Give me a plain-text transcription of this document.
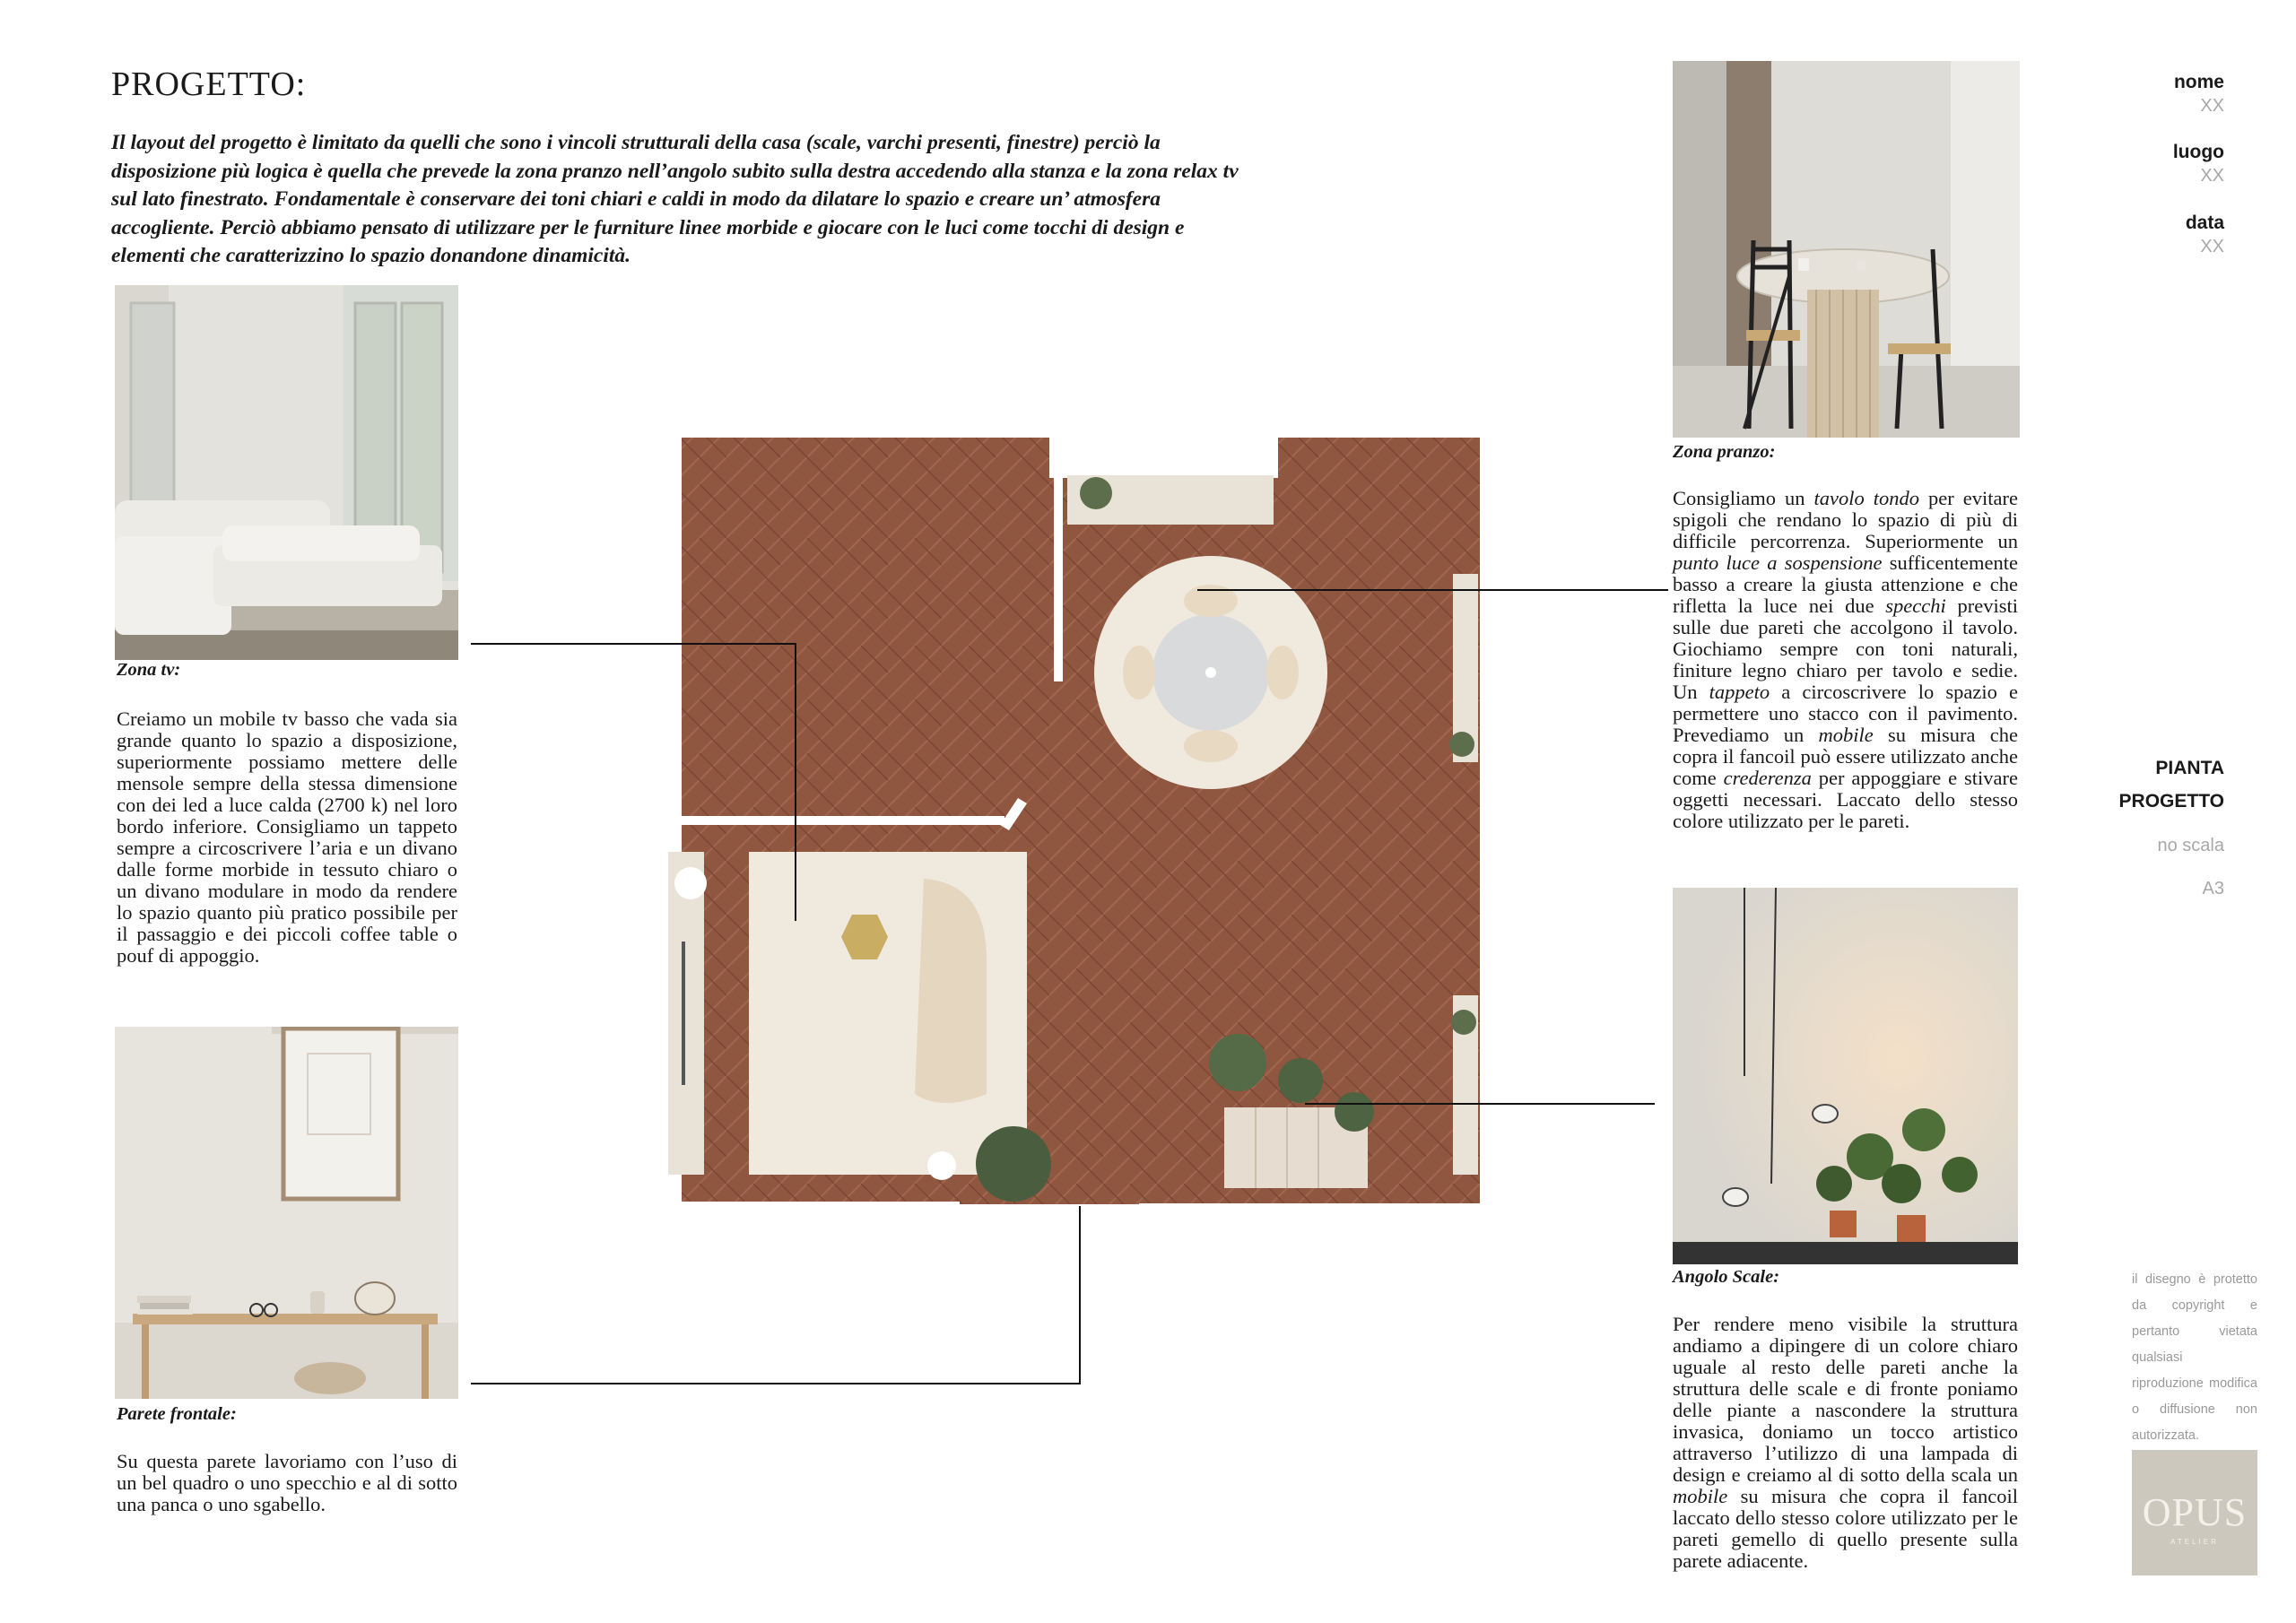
PROGETTO:
Il layout del progetto è limitato da quelli che sono i vincoli strutturali della casa (scale, varchi presenti, finestre) perciò la disposizione più logica è quella che prevede la zona pranzo nell’angolo subito sulla destra accedendo alla stanza e la zona relax tv sul lato finestrato. Fondamentale è conservare dei toni chiari e caldi in modo da dilatare lo spazio e creare un’ atmosfera accogliente. Perciò abbiamo pensato di utilizzare per le furniture linee morbide e giocare con le luci come tocchi di design e elementi che caratterizzino lo spazio donandone dinamicità.
Zona tv:
Creiamo un mobile tv basso che vada sia grande quanto lo spazio a disposizione, superiormente possiamo mettere delle mensole sempre della stessa dimensione con dei led a luce calda (2700 k) nel loro bordo inferiore. Consigliamo un tappeto sempre a circoscrivere l’aria e un divano dalle forme morbide in tessuto chiaro o un divano modulare in modo da rendere lo spazio quanto più pratico possibile per il passaggio e dei piccoli coffee table o pouf di appoggio.
Parete frontale:
Su questa parete lavoriamo con l’uso di un bel quadro o uno specchio e al di sotto una panca o uno sgabello.
Zona pranzo:
Consigliamo un tavolo tondo per evitare spigoli che rendano lo spazio di più di difficile percorrenza. Superiormente un punto luce a sospensione sufficentemente basso a creare la giusta attenzione e che rifletta la luce nei due specchi previsti sulle due pareti che accolgono il tavolo. Giochiamo sempre con toni naturali, finiture legno chiaro per tavolo e sedie. Un tappeto a circoscrivere lo spazio e permettere uno stacco con il pavimento. Prevediamo un mobile su misura che copra il fancoil può essere utilizzato anche come crederenza per appoggiare e stivare oggetti necessari. Laccato dello stesso colore utilizzato per le pareti.
Angolo Scale:
Per rendere meno visibile la struttura andiamo a dipingere di un colore chiaro uguale al resto delle pareti anche la struttura delle scale e di fronte poniamo delle piante a nascondere la struttura invasica, doniamo un tocco artistico attraverso l’utilizzo di una lampada di design e creiamo al di sotto della scala un mobile su misura che copra il fancoil laccato dello stesso colore utilizzato per le pareti gemello di quello presente sulla parete adiacente.
nome
XX
luogo
XX
data
XX
PIANTA
PROGETTO
no scala
A3
il disegno è protetto da copyright e pertanto vietata qualsiasi riproduzione modifica o diffusione non autorizzata.
OPUS
ATELIER
